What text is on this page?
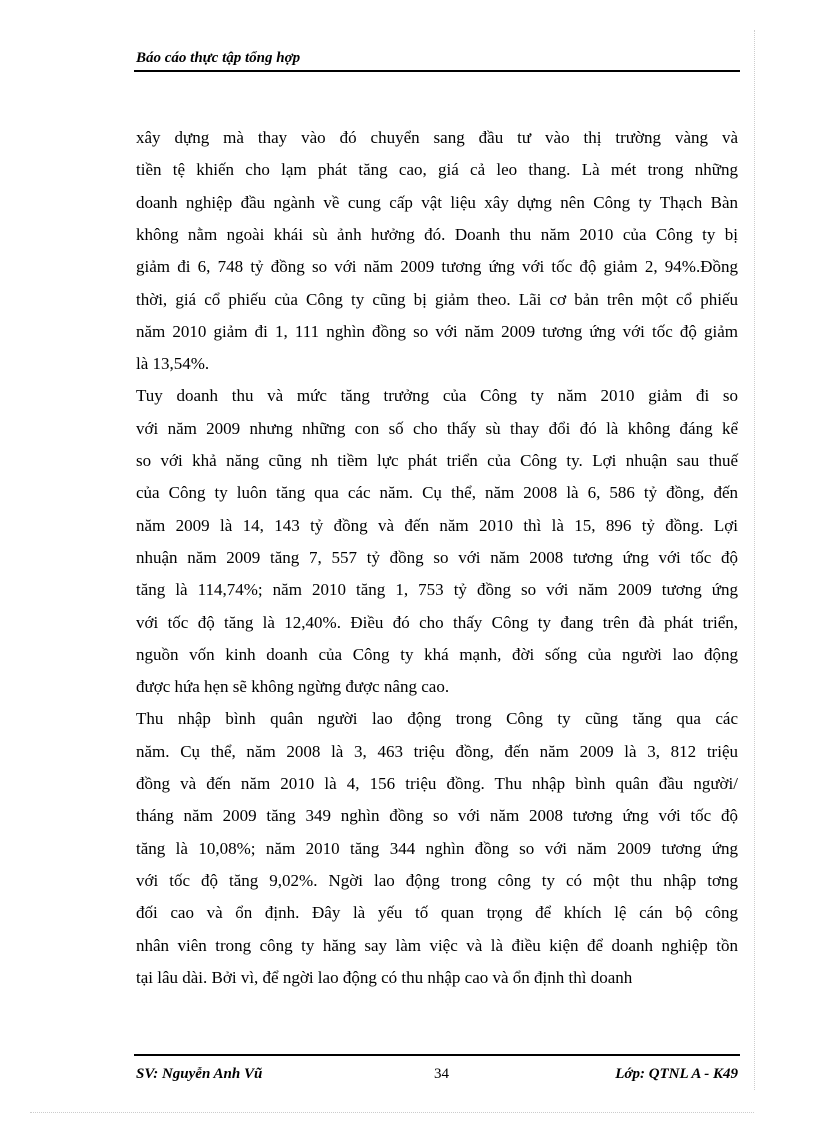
Báo cáo thực tập tổng hợp
xây dựng mà thay vào đó chuyển sang đầu tư vào thị trường vàng và
tiền tệ khiến cho lạm phát tăng cao, giá cả leo thang. Là mét trong những
doanh nghiệp đầu ngành về cung cấp vật liệu xây dựng nên Công ty Thạch Bàn
không nằm ngoài khái sù ảnh hưởng đó. Doanh thu năm 2010 của Công ty bị
giảm đi 6, 748 tỷ đồng so với năm 2009 tương ứng với tốc độ giảm 2, 94%.Đồng
thời, giá cổ phiếu của Công ty cũng bị giảm theo. Lãi cơ bản trên một cổ phiếu
năm 2010 giảm đi 1, 111 nghìn đồng so với năm 2009 tương ứng với tốc độ giảm
là 13,54%.
Tuy doanh thu và mức tăng trưởng của Công ty năm 2010 giảm đi so
với năm 2009 nhưng những con số cho thấy sù thay đổi đó là không đáng kể
so với khả năng cũng nh tiềm lực phát triển của Công ty. Lợi nhuận sau thuế
của Công ty luôn tăng qua các năm. Cụ thể, năm 2008 là 6, 586 tỷ đồng, đến
năm 2009 là 14, 143 tỷ đồng và đến năm 2010 thì là 15, 896 tỷ đồng. Lợi
nhuận năm 2009 tăng 7, 557 tỷ đồng so với năm 2008 tương ứng với tốc độ
tăng là 114,74%; năm 2010 tăng 1, 753 tỷ đồng so với năm 2009 tương ứng
với tốc độ tăng là 12,40%. Điều đó cho thấy Công ty đang trên đà phát triển,
nguồn vốn kinh doanh của Công ty khá mạnh, đời sống của người lao động
được hứa hẹn sẽ không ngừng được nâng cao.
Thu nhập bình quân người lao động trong Công ty cũng tăng qua các
năm. Cụ thể, năm 2008 là 3, 463 triệu đồng, đến năm 2009 là 3, 812 triệu
đồng và đến năm 2010 là 4, 156 triệu đồng. Thu nhập bình quân đầu người/
tháng năm 2009 tăng 349 nghìn đồng so với năm 2008 tương ứng với tốc độ
tăng là 10,08%; năm 2010 tăng 344 nghìn đồng so với năm 2009 tương ứng
với tốc độ tăng 9,02%. Ngời lao động trong công ty có một thu nhập tơng
đối cao và ổn định. Đây là yếu tố quan trọng để khích lệ cán bộ công
nhân viên trong công ty hăng say làm việc và là điều kiện để doanh nghiệp tồn
tại lâu dài. Bởi vì, để ngời lao động có thu nhập cao và ổn định thì doanh
SV: Nguyễn Anh Vũ	34	Lớp: QTNL A - K49
